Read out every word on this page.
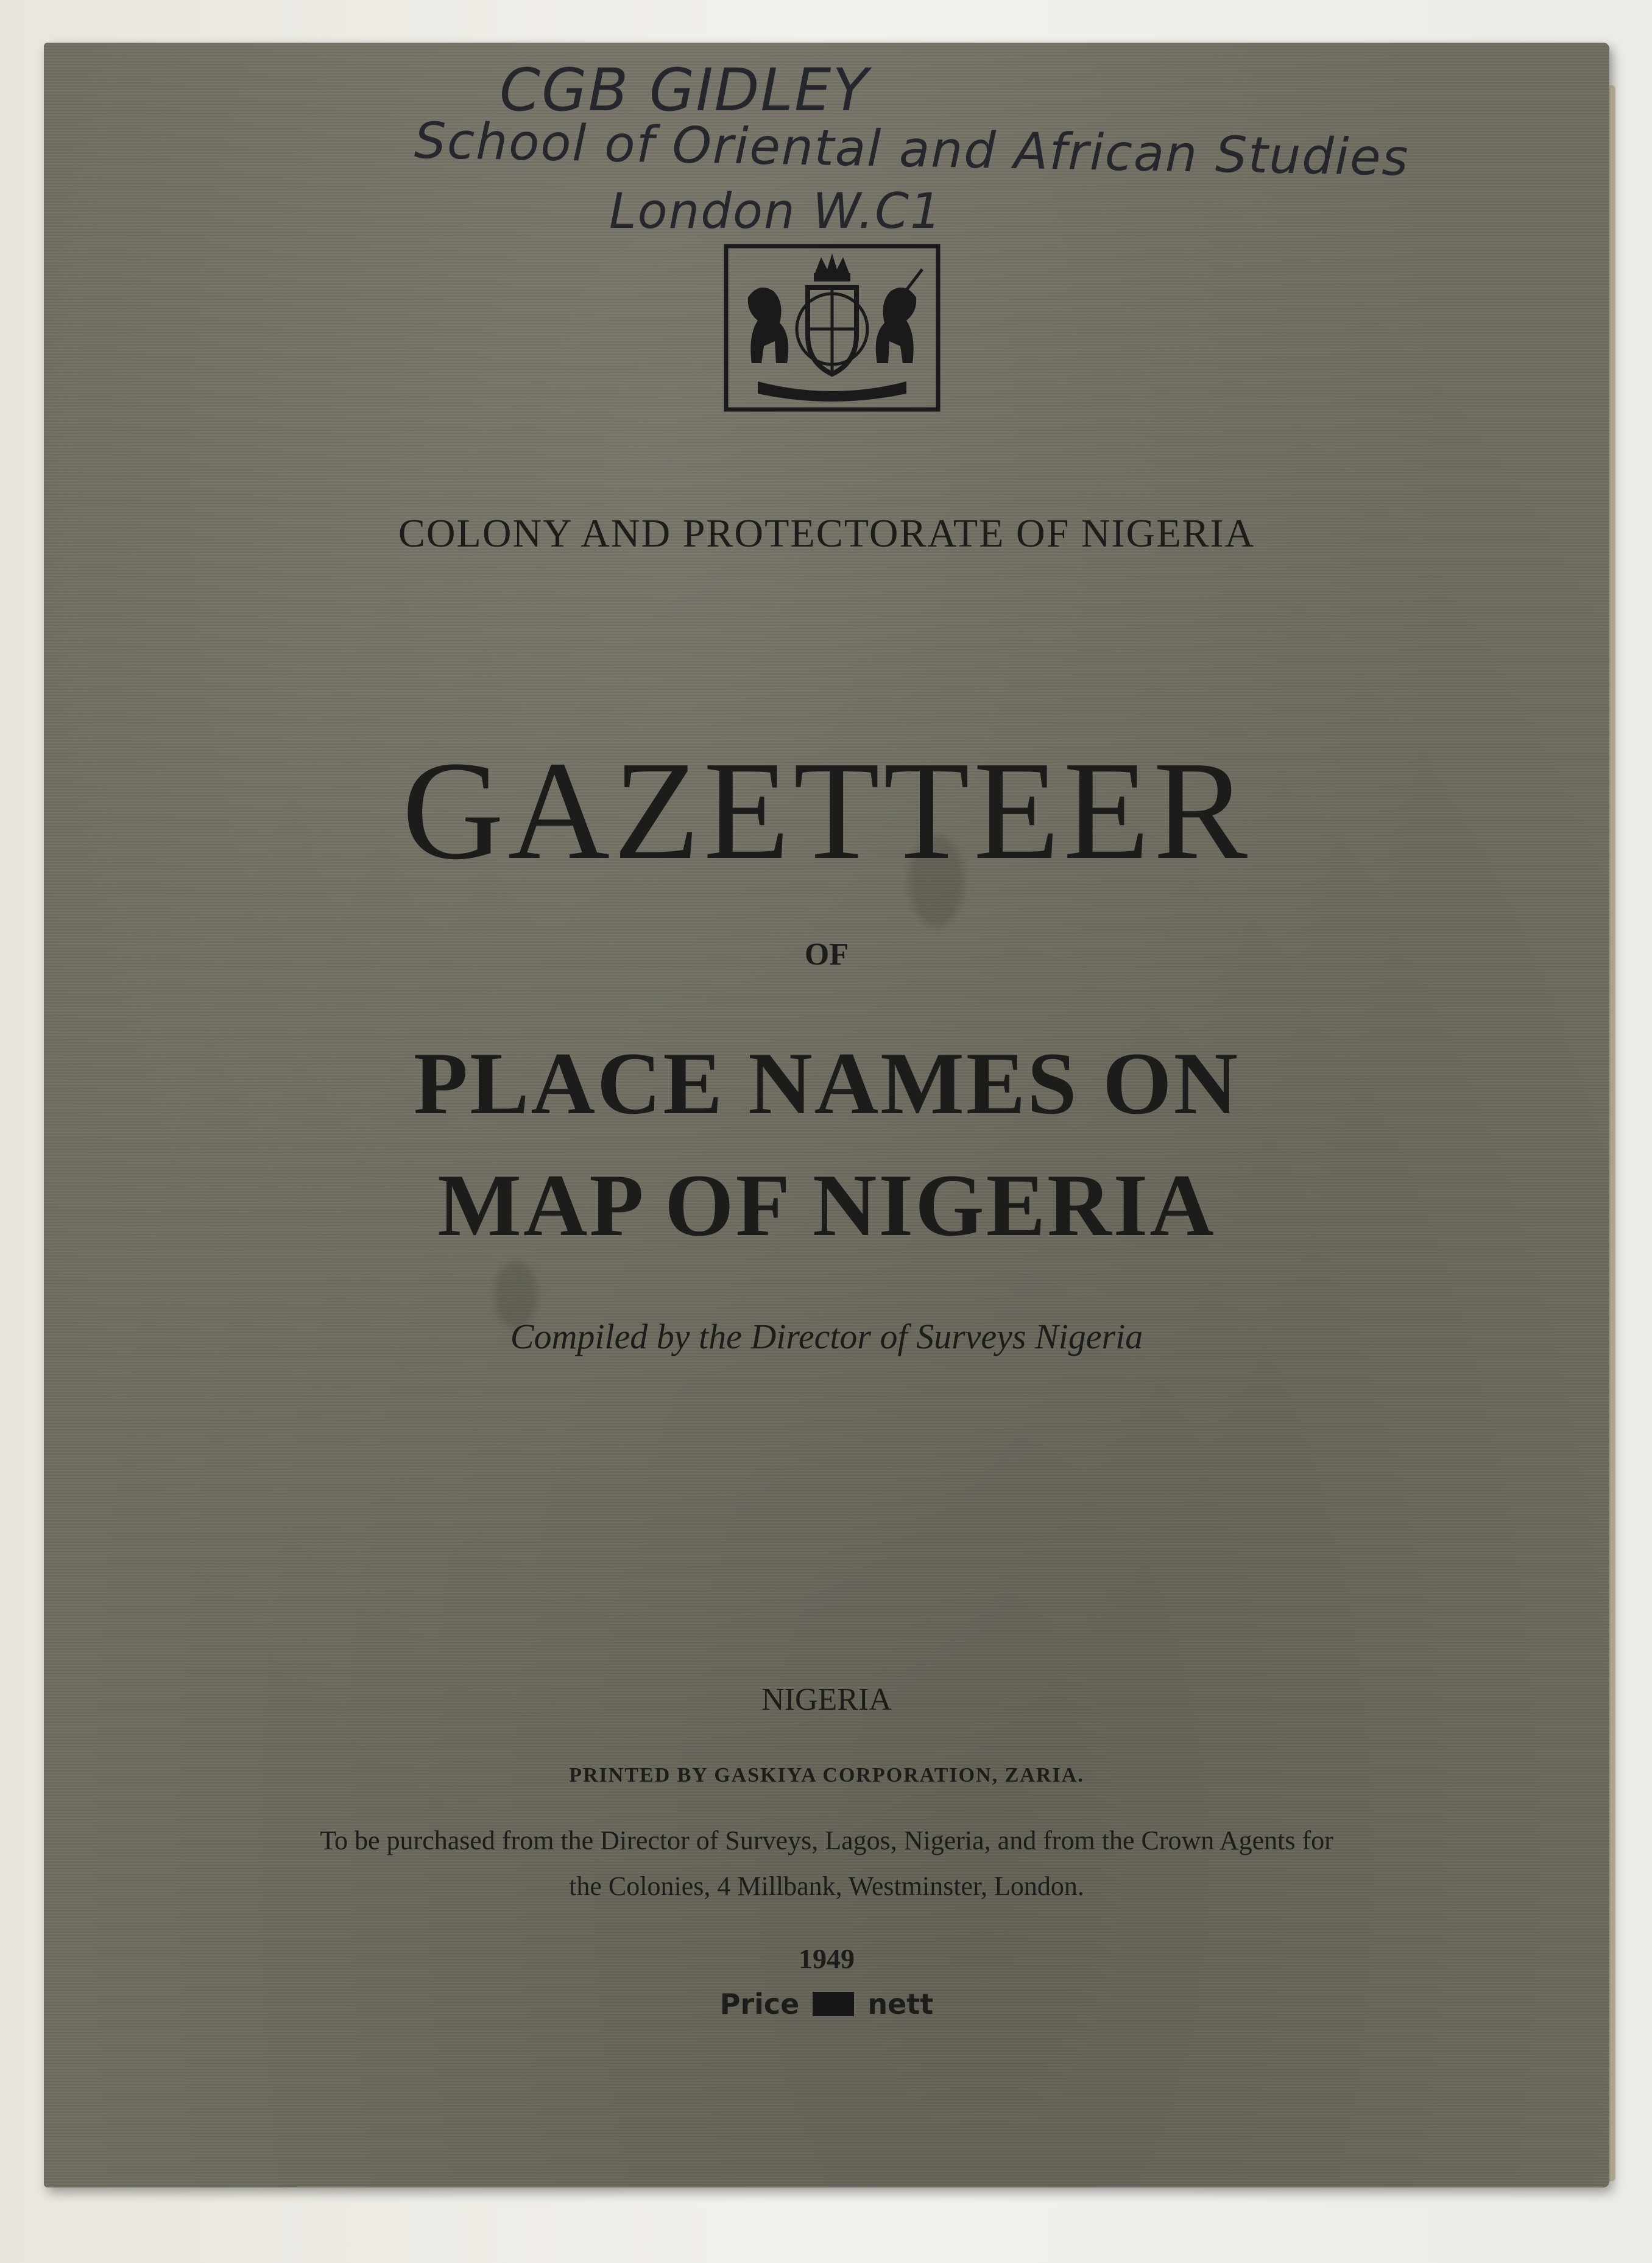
CGB GIDLEY
School of Oriental and African Studies
London W.C1
COLONY AND PROTECTORATE OF NIGERIA
GAZETTEER
OF
PLACE NAMES ON
MAP OF NIGERIA
Compiled by the Director of Surveys Nigeria
NIGERIA
PRINTED BY GASKIYA CORPORATION, ZARIA.
To be purchased from the Director of Surveys, Lagos, Nigeria, and from the Crown Agents for
the Colonies, 4 Millbank, Westminster, London.
1949
Price nett
